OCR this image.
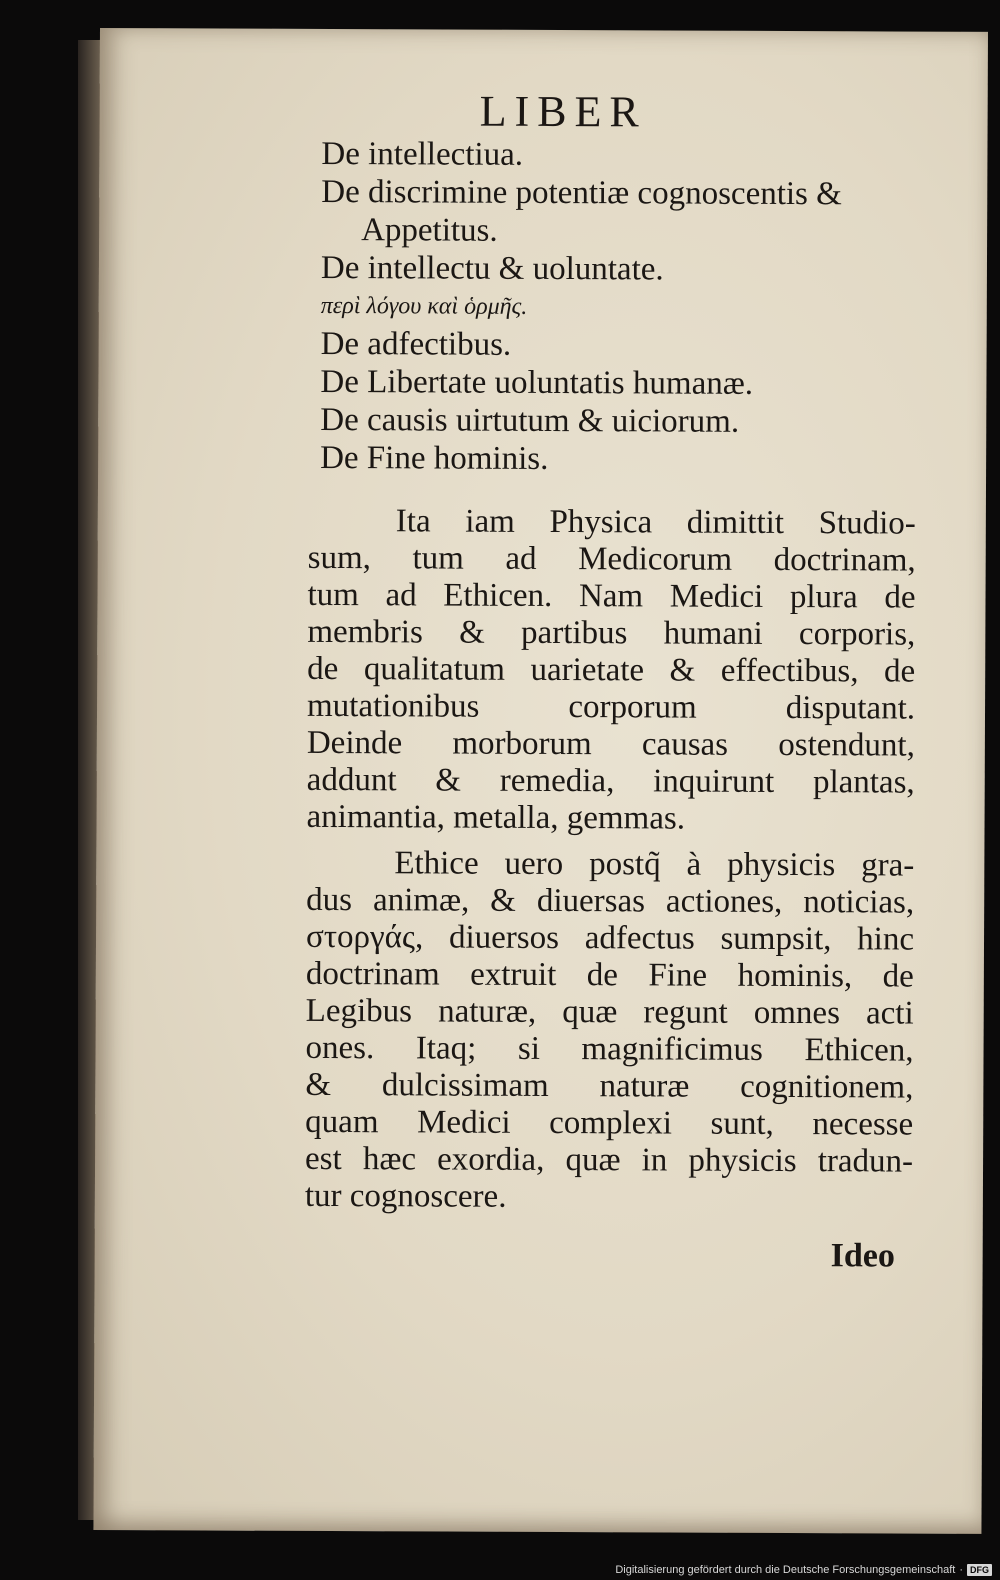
LIBER
De intellectiua.
De discrimine potentiæ cognoscentis &
Appetitus.
De intellectu & uoluntate.
περὶ λόγου καὶ ὁρμῆς.
De adfectibus.
De Libertate uoluntatis humanæ.
De causis uirtutum & uiciorum.
De Fine hominis.
Ita iam Physica dimittit Studio-
sum, tum ad Medicorum doctrinam,
tum ad Ethicen. Nam Medici plura de
membris & partibus humani corporis,
de qualitatum uarietate & effectibus, de
mutationibus corporum disputant.
Deinde morborum causas ostendunt,
addunt & remedia, inquirunt plantas,
animantia, metalla, gemmas.
Ethice uero postq̃ à physicis gra-
dus animæ, & diuersas actiones, noticias,
στοργάς, diuersos adfectus sumpsit, hinc
doctrinam extruit de Fine hominis, de
Legibus naturæ, quæ regunt omnes acti
ones. Itaq; si magnificimus Ethicen,
& dulcissimam naturæ cognitionem,
quam Medici complexi sunt, necesse
est hæc exordia, quæ in physicis tradun-
tur cognoscere.
Ideo
Digitalisierung gefördert durch die Deutsche Forschungsgemeinschaft · DFG
